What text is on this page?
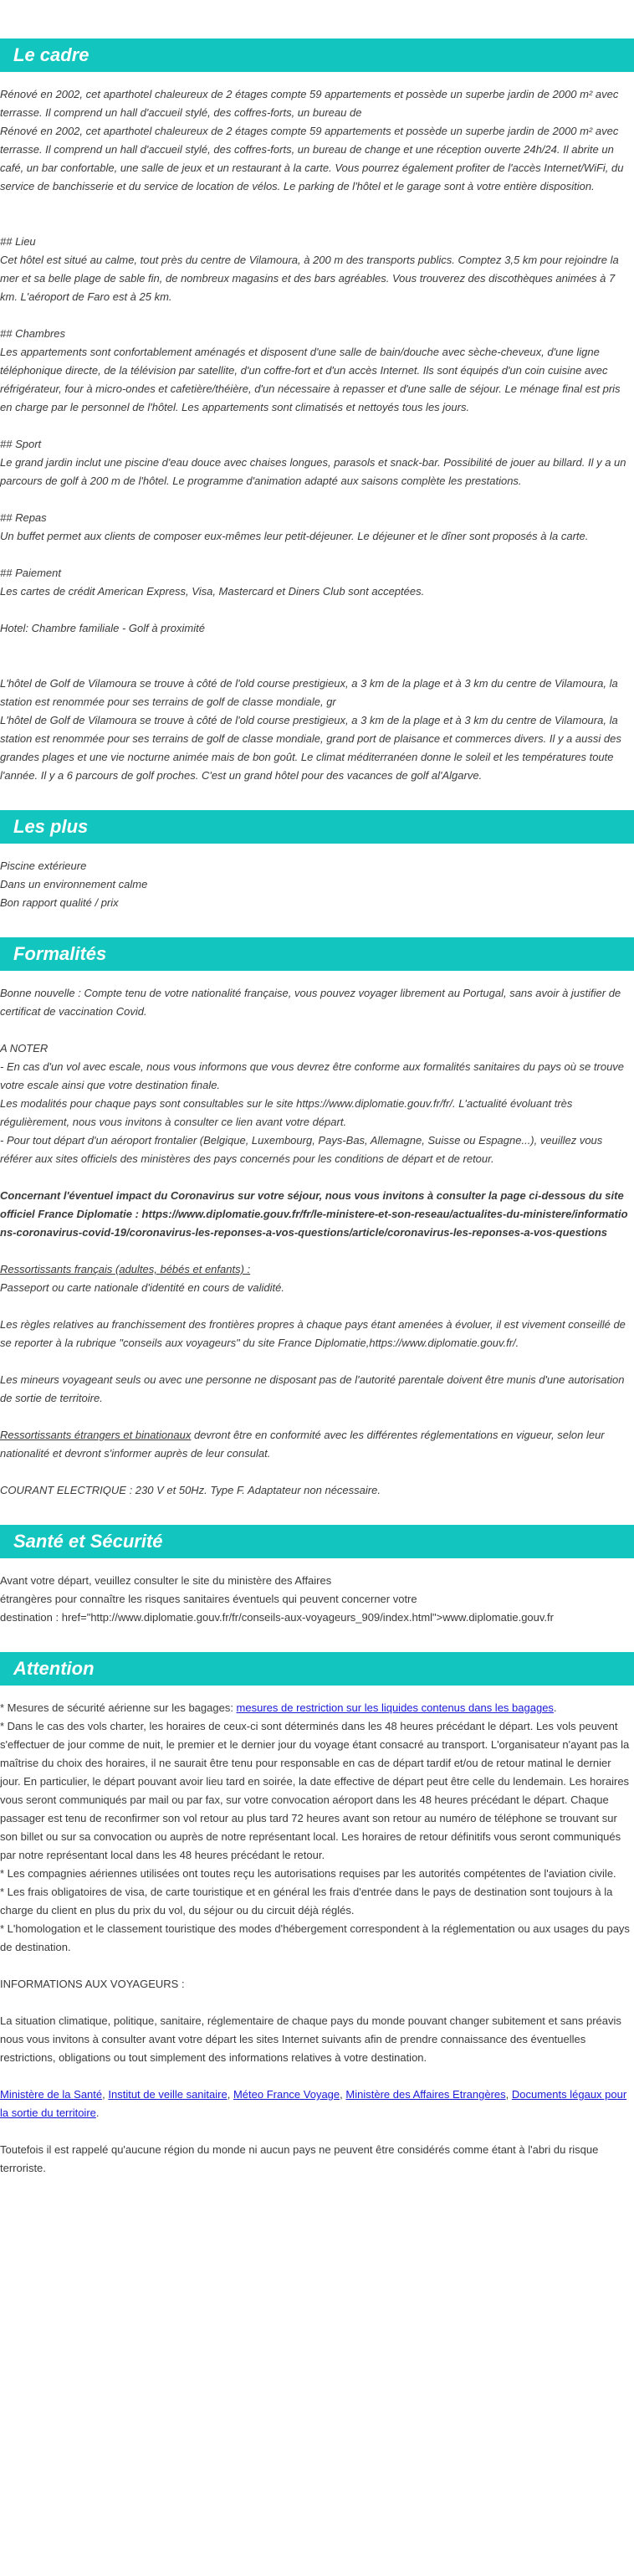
Le cadre

Rénové en 2002, cet aparthotel chaleureux de 2 étages compte 59 appartements et possède un superbe jardin de 2000 m² avec terrasse. Il comprend un hall d'accueil stylé, des coffres-forts, un bureau de

Rénové en 2002, cet aparthotel chaleureux de 2 étages compte 59 appartements et possède un superbe jardin de 2000 m² avec terrasse. Il comprend un hall d'accueil stylé, des coffres-forts, un bureau de change et une réception ouverte 24h/24. Il abrite un café, un bar confortable, une salle de jeux et un restaurant à la carte. Vous pourrez également profiter de l'accès Internet/WiFi, du service de banchisserie et du service de location de vélos. Le parking de l'hôtel et le garage sont à votre entière disposition.

## Lieu

Cet hôtel est situé au calme, tout près du centre de Vilamoura, à 200 m des transports publics. Comptez 3,5 km pour rejoindre la mer et sa belle plage de sable fin, de nombreux magasins et des bars agréables. Vous trouverez des discothèques animées à 7 km. L'aéroport de Faro est à 25 km.

## Chambres

Les appartements sont confortablement aménagés et disposent d'une salle de bain/douche avec sèche-cheveux, d'une ligne téléphonique directe, de la télévision par satellite, d'un coffre-fort et d'un accès Internet. Ils sont équipés d'un coin cuisine avec réfrigérateur, four à micro-ondes et cafetière/théière, d'un nécessaire à repasser et d'une salle de séjour. Le ménage final est pris en charge par le personnel de l'hôtel. Les appartements sont climatisés et nettoyés tous les jours.

## Sport

Le grand jardin inclut une piscine d'eau douce avec chaises longues, parasols et snack-bar. Possibilité de jouer au billard. Il y a un parcours de golf à 200 m de l'hôtel. Le programme d'animation adapté aux saisons complète les prestations.

## Repas

Un buffet permet aux clients de composer eux-mêmes leur petit-déjeuner. Le déjeuner et le dîner sont proposés à la carte.

## Paiement

Les cartes de crédit American Express, Visa, Mastercard et Diners Club sont acceptées.

Hotel: Chambre familiale - Golf à proximité

L'hôtel de Golf de Vilamoura se trouve à côté de l'old course prestigieux, a 3 km de la plage et à 3 km du centre de Vilamoura, la station est renommée pour ses terrains de golf de classe mondiale, gr

L'hôtel de Golf de Vilamoura se trouve à côté de l'old course prestigieux, a 3 km de la plage et à 3 km du centre de Vilamoura, la station est renommée pour ses terrains de golf de classe mondiale, grand port de plaisance et commerces divers. Il y a aussi des grandes plages et une vie nocturne animée mais de bon goût. Le climat méditerranéen donne le soleil et les températures toute l'année. Il y a 6 parcours de golf proches. C'est un grand hôtel pour des vacances de golf al'Algarve.

Les plus

Piscine extérieure

Dans un environnement calme

Bon rapport qualité / prix

Formalités

Bonne nouvelle : Compte tenu de votre nationalité française, vous pouvez voyager librement au Portugal, sans avoir à justifier de certificat de vaccination Covid.

A NOTER

- En cas d'un vol avec escale, nous vous informons que vous devrez être conforme aux formalités sanitaires du pays où se trouve votre escale ainsi que votre destination finale.

Les modalités pour chaque pays sont consultables sur le site https://www.diplomatie.gouv.fr/fr/. L'actualité évoluant très régulièrement, nous vous invitons à consulter ce lien avant votre départ.

- Pour tout départ d'un aéroport frontalier (Belgique, Luxembourg, Pays-Bas, Allemagne, Suisse ou Espagne...), veuillez vous référer aux sites officiels des ministères des pays concernés pour les conditions de départ et de retour.

Concernant l'éventuel impact du Coronavirus sur votre séjour, nous vous invitons à consulter la page ci-dessous du site officiel France Diplomatie : https://www.diplomatie.gouv.fr/fr/le-ministere-et-son-reseau/actualites-du-ministere/informations-coronavirus-covid-19/coronavirus-les-reponses-a-vos-questions/article/coronavirus-les-reponses-a-vos-questions

Ressortissants français (adultes, bébés et enfants) :

Passeport ou carte nationale d'identité en cours de validité.

Les règles relatives au franchissement des frontières propres à chaque pays étant amenées à évoluer, il est vivement conseillé de se reporter à la rubrique "conseils aux voyageurs" du site France Diplomatie,https://www.diplomatie.gouv.fr/.

Les mineurs voyageant seuls ou avec une personne ne disposant pas de l'autorité parentale doivent être munis d'une autorisation de sortie de territoire.

Ressortissants étrangers et binationaux devront être en conformité avec les différentes réglementations en vigueur, selon leur nationalité et devront s'informer auprès de leur consulat.

COURANT ELECTRIQUE : 230 V et 50Hz. Type F. Adaptateur non nécessaire.

Santé et Sécurité

Avant votre départ, veuillez consulter le site du ministère des Affaires

étrangères pour connaître les risques sanitaires éventuels qui peuvent concerner votre

destination : href="http://www.diplomatie.gouv.fr/fr/conseils-aux-voyageurs_909/index.html">www.diplomatie.gouv.fr

Attention

* Mesures de sécurité aérienne sur les bagages: mesures de restriction sur les liquides contenus dans les bagages.

* Dans le cas des vols charter, les horaires de ceux-ci sont déterminés dans les 48 heures précédant le départ. Les vols peuvent s'effectuer de jour comme de nuit, le premier et le dernier jour du voyage étant consacré au transport. L'organisateur n'ayant pas la maîtrise du choix des horaires, il ne saurait être tenu pour responsable en cas de départ tardif et/ou de retour matinal le dernier jour. En particulier, le départ pouvant avoir lieu tard en soirée, la date effective de départ peut être celle du lendemain. Les horaires vous seront communiqués par mail ou par fax, sur votre convocation aéroport dans les 48 heures précédant le départ. Chaque passager est tenu de reconfirmer son vol retour au plus tard 72 heures avant son retour au numéro de téléphone se trouvant sur son billet ou sur sa convocation ou auprès de notre représentant local. Les horaires de retour définitifs vous seront communiqués par notre représentant local dans les 48 heures précédant le retour.

* Les compagnies aériennes utilisées ont toutes reçu les autorisations requises par les autorités compétentes de l'aviation civile.

* Les frais obligatoires de visa, de carte touristique et en général les frais d'entrée dans le pays de destination sont toujours à la charge du client en plus du prix du vol, du séjour ou du circuit déjà réglés.

* L'homologation et le classement touristique des modes d'hébergement correspondent à la réglementation ou aux usages du pays de destination.

INFORMATIONS AUX VOYAGEURS :

La situation climatique, politique, sanitaire, réglementaire de chaque pays du monde pouvant changer subitement et sans préavis nous vous invitons à consulter avant votre départ les sites Internet suivants afin de prendre connaissance des éventuelles restrictions, obligations ou tout simplement des informations relatives à votre destination.

Ministère de la Santé, Institut de veille sanitaire, Méteo France Voyage, Ministère des Affaires Etrangères, Documents légaux pour la sortie du territoire.

Toutefois il est rappelé qu'aucune région du monde ni aucun pays ne peuvent être considérés comme étant à l'abri du risque terroriste.
